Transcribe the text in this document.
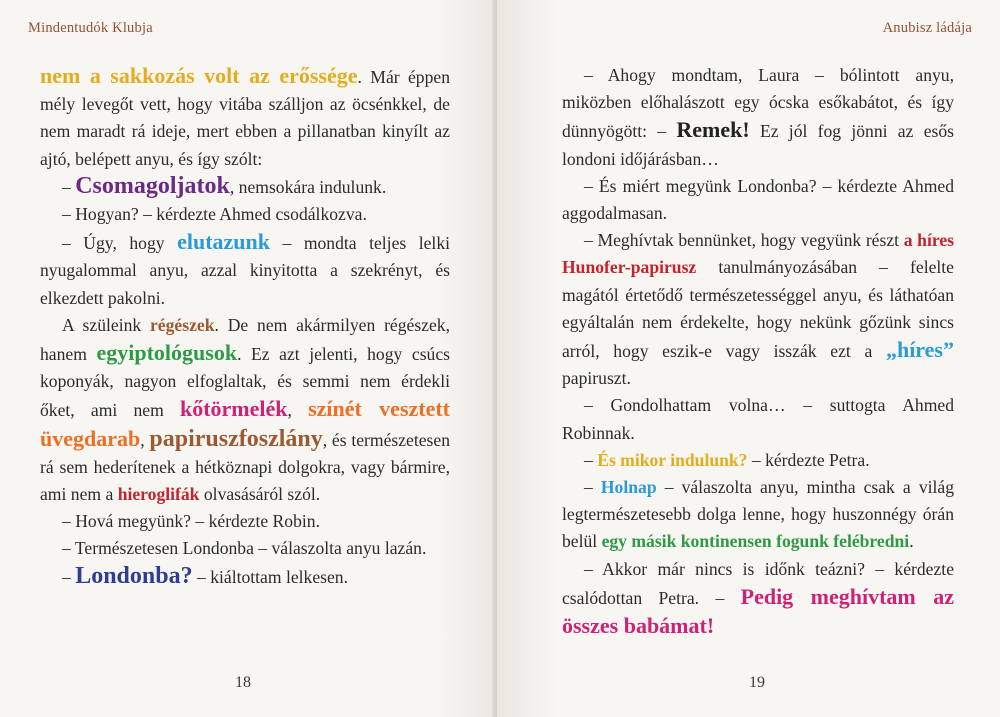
Mindentudók Klubja

nem a sakkozás volt az erőssége. Már éppen mély levegőt vett, hogy vitába szálljon az öcsénkkel, de nem maradt rá ideje, mert ebben a pillanatban kinyílt az ajtó, belépett anyu, és így szólt:

– Csomagoljatok, nemsokára indulunk.

– Hogyan? – kérdezte Ahmed csodálkozva.

– Úgy, hogy elutazunk – mondta teljes lelki nyugalommal anyu, azzal kinyitotta a szekrényt, és elkezdett pakolni.

A szüleink régészek. De nem akármilyen régészek, hanem egyiptológusok. Ez azt jelenti, hogy csúcs koponyák, nagyon elfoglaltak, és semmi nem érdekli őket, ami nem kőtörmelék, színét vesztett üvegdarab, papiruszfoszlány, és természetesen rá sem hederítenek a hétköznapi dolgokra, vagy bármire, ami nem a hieroglifák olvasásáról szól.

– Hová megyünk? – kérdezte Robin.

– Természetesen Londonba – válaszolta anyu lazán.

– Londonba? – kiáltottam lelkesen.

18
Anubisz ládája

– Ahogy mondtam, Laura – bólintott anyu, miközben előhalászott egy ócska esőkabátot, és így dünnyögött: – Remek! Ez jól fog jönni az esős londoni időjárásban…

– És miért megyünk Londonba? – kérdezte Ahmed aggodalmasan.

– Meghívtak bennünket, hogy vegyünk részt a híres Hunofer-papirusz tanulmányozásában – felelte magától értetődő természetességgel anyu, és láthatóan egyáltalán nem érdekelte, hogy nekünk gőzünk sincs arról, hogy eszik-e vagy isszák ezt a „híres” papiruszt.

– Gondolhattam volna… – suttogta Ahmed Robinnak.

– És mikor indulunk? – kérdezte Petra.

– Holnap – válaszolta anyu, mintha csak a világ legtermészetesebb dolga lenne, hogy huszonnégy órán belül egy másik kontinensen fogunk felébredni.

– Akkor már nincs is időnk teázni? – kérdezte csalódottan Petra. – Pedig meghívtam az összes babámat!

19
